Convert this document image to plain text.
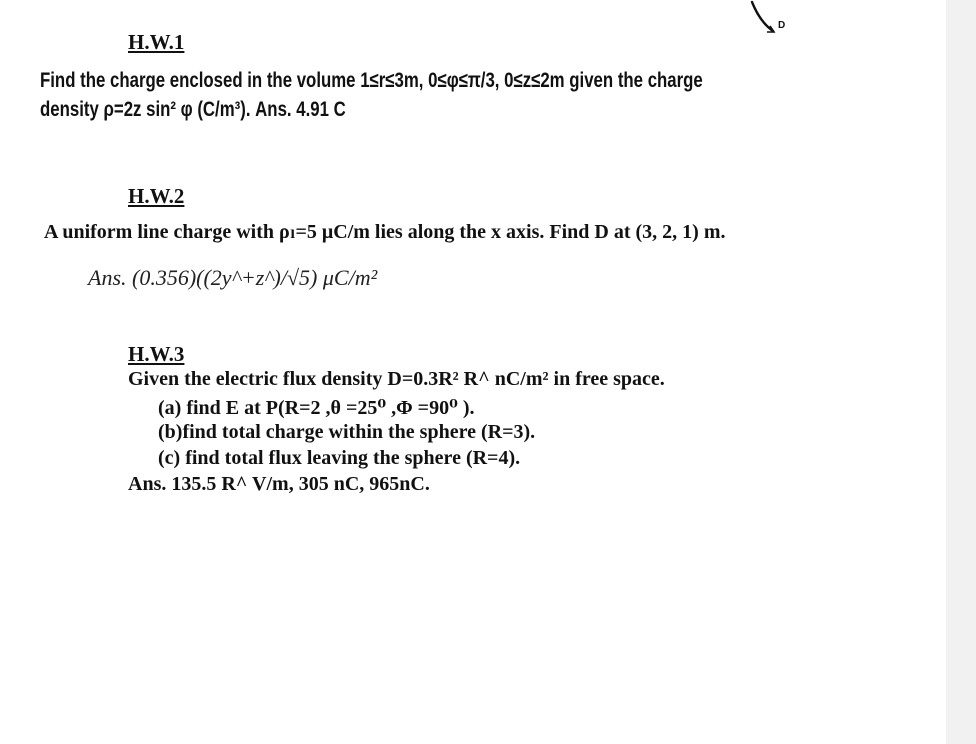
D
H.W.1
Find the charge enclosed in the volume 1≤r≤3m, 0≤φ≤π/3, 0≤z≤2m given the charge
density ρ=2z sin² φ (C/m³). Ans. 4.91 C
H.W.2
A uniform line charge with ρₗ=5 μC/m lies along the x axis. Find D at (3, 2, 1) m.
Ans. (0.356)((2y^+z^)/√5) μC/m²
H.W.3
Given the electric flux density D=0.3R² R^ nC/m² in free space.
(a) find E at P(R=2 ,θ =25⁰ ,Φ =90⁰ ).
(b)find total charge within the sphere (R=3).
(c) find total flux leaving the sphere (R=4).
Ans. 135.5 R^ V/m, 305 nC, 965nC.
